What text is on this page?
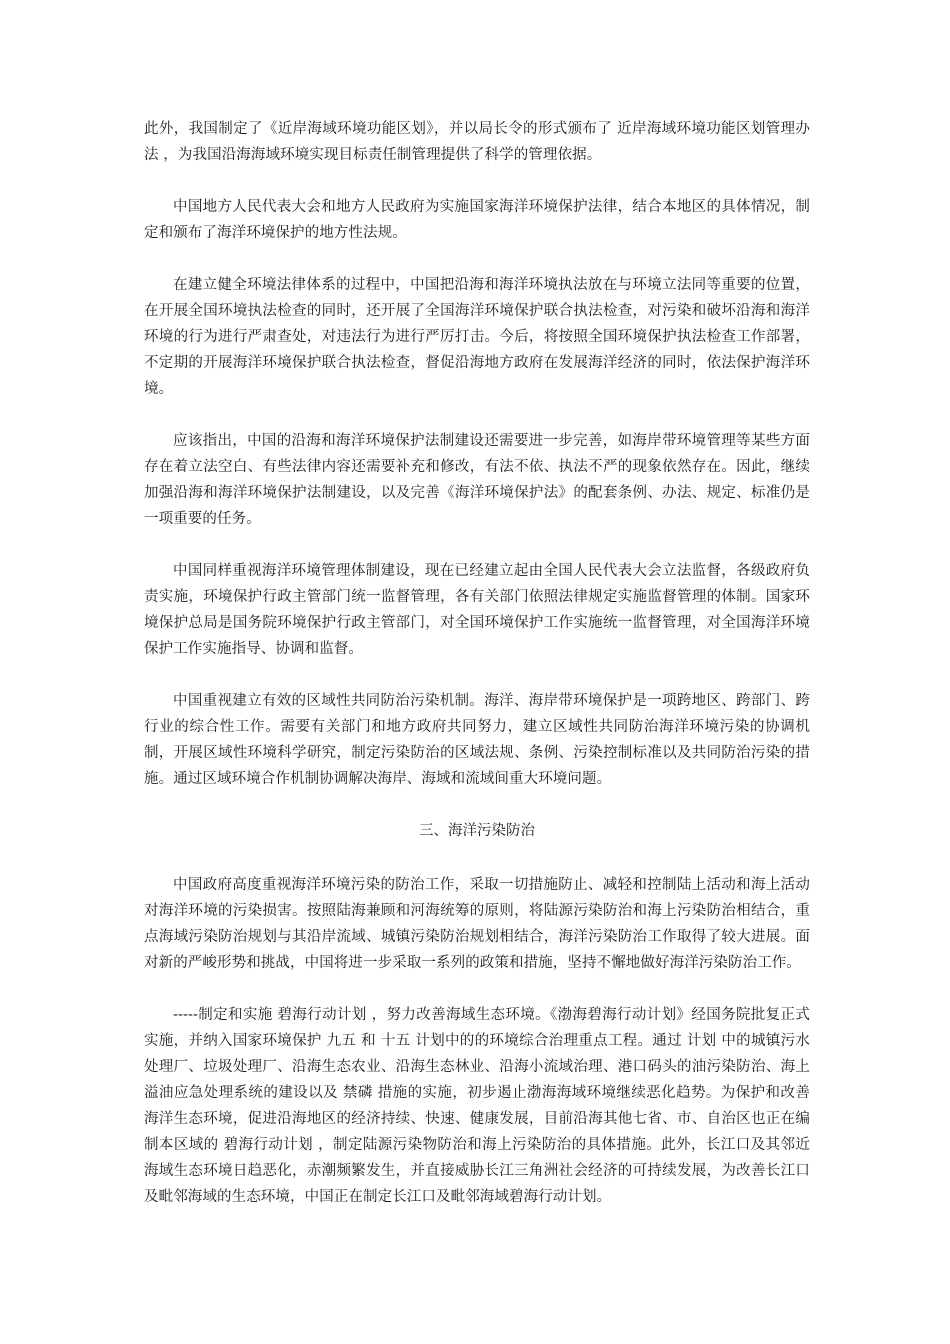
此外，我国制定了《近岸海域环境功能区划》，并以局长令的形式颁布了 近岸海域环境功能区划管理办法 ，为我国沿海海域环境实现目标责任制管理提供了科学的管理依据。

中国地方人民代表大会和地方人民政府为实施国家海洋环境保护法律，结合本地区的具体情况，制定和颁布了海洋环境保护的地方性法规。

在建立健全环境法律体系的过程中，中国把沿海和海洋环境执法放在与环境立法同等重要的位置，在开展全国环境执法检查的同时，还开展了全国海洋环境保护联合执法检查，对污染和破坏沿海和海洋环境的行为进行严肃查处，对违法行为进行严厉打击。今后，将按照全国环境保护执法检查工作部署，不定期的开展海洋环境保护联合执法检查，督促沿海地方政府在发展海洋经济的同时，依法保护海洋环境。

应该指出，中国的沿海和海洋环境保护法制建设还需要进一步完善，如海岸带环境管理等某些方面存在着立法空白、有些法律内容还需要补充和修改，有法不依、执法不严的现象依然存在。因此，继续加强沿海和海洋环境保护法制建设，以及完善《海洋环境保护法》的配套条例、办法、规定、标准仍是一项重要的任务。

中国同样重视海洋环境管理体制建设，现在已经建立起由全国人民代表大会立法监督，各级政府负责实施，环境保护行政主管部门统一监督管理，各有关部门依照法律规定实施监督管理的体制。国家环境保护总局是国务院环境保护行政主管部门，对全国环境保护工作实施统一监督管理，对全国海洋环境保护工作实施指导、协调和监督。

中国重视建立有效的区域性共同防治污染机制。海洋、海岸带环境保护是一项跨地区、跨部门、跨行业的综合性工作。需要有关部门和地方政府共同努力，建立区域性共同防治海洋环境污染的协调机制，开展区域性环境科学研究，制定污染防治的区域法规、条例、污染控制标准以及共同防治污染的措施。通过区域环境合作机制协调解决海岸、海域和流域间重大环境问题。

三、海洋污染防治

中国政府高度重视海洋环境污染的防治工作，采取一切措施防止、减轻和控制陆上活动和海上活动对海洋环境的污染损害。按照陆海兼顾和河海统筹的原则，将陆源污染防治和海上污染防治相结合，重点海域污染防治规划与其沿岸流域、城镇污染防治规划相结合，海洋污染防治工作取得了较大进展。面对新的严峻形势和挑战，中国将进一步采取一系列的政策和措施，坚持不懈地做好海洋污染防治工作。

-----制定和实施 碧海行动计划 ，努力改善海域生态环境。《渤海碧海行动计划》经国务院批复正式实施，并纳入国家环境保护 九五 和 十五 计划中的的环境综合治理重点工程。通过 计划 中的城镇污水处理厂、垃圾处理厂、沿海生态农业、沿海生态林业、沿海小流域治理、港口码头的油污染防治、海上溢油应急处理系统的建设以及 禁磷 措施的实施，初步遏止渤海海域环境继续恶化趋势。为保护和改善海洋生态环境，促进沿海地区的经济持续、快速、健康发展，目前沿海其他七省、市、自治区也正在编制本区域的 碧海行动计划 ，制定陆源污染物防治和海上污染防治的具体措施。此外，长江口及其邻近海域生态环境日趋恶化，赤潮频繁发生，并直接威胁长江三角洲社会经济的可持续发展，为改善长江口及毗邻海域的生态环境，中国正在制定长江口及毗邻海域碧海行动计划。
